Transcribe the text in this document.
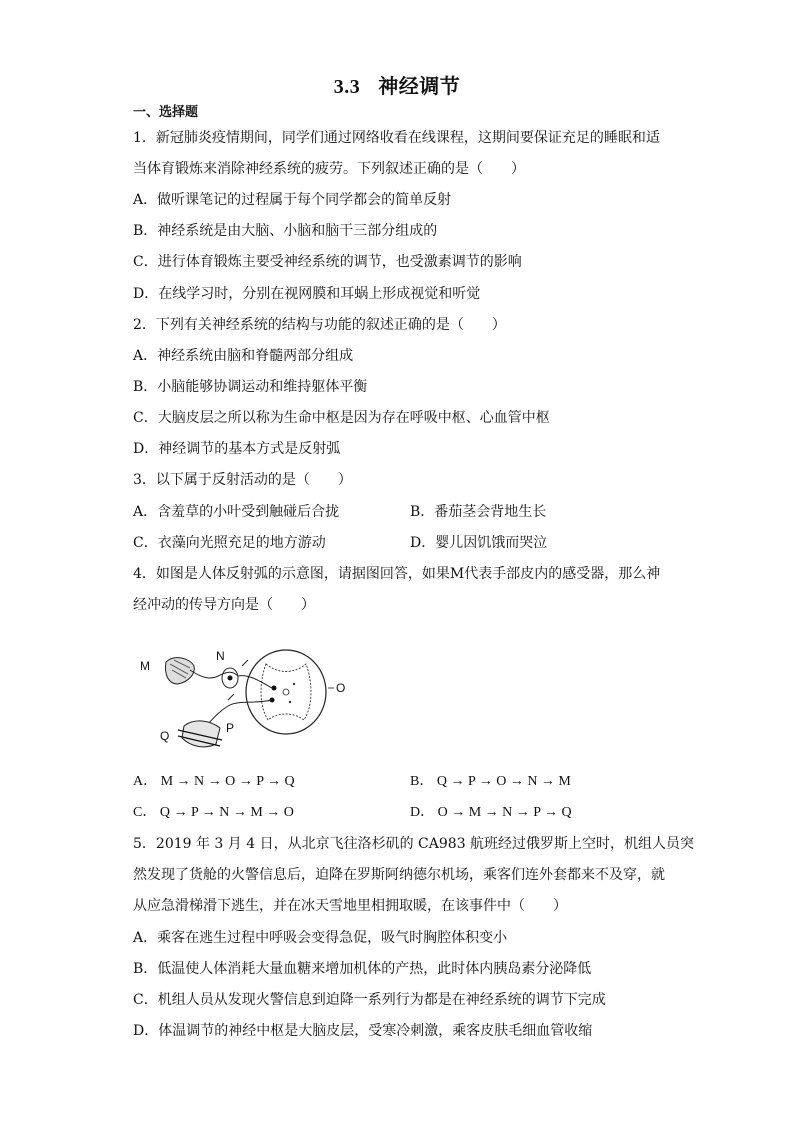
3.3 神经调节
一、选择题
1．新冠肺炎疫情期间，同学们通过网络收看在线课程，这期间要保证充足的睡眠和适
当体育锻炼来消除神经系统的疲劳。下列叙述正确的是（　　）
A．做听课笔记的过程属于每个同学都会的简单反射
B．神经系统是由大脑、小脑和脑干三部分组成的
C．进行体育锻炼主要受神经系统的调节，也受激素调节的影响
D．在线学习时，分别在视网膜和耳蜗上形成视觉和听觉
2．下列有关神经系统的结构与功能的叙述正确的是（　　）
A．神经系统由脑和脊髓两部分组成
B．小脑能够协调运动和维持躯体平衡
C．大脑皮层之所以称为生命中枢是因为存在呼吸中枢、心血管中枢
D．神经调节的基本方式是反射弧
3．以下属于反射活动的是（　　）
A．含羞草的小叶受到触碰后合拢	B．番茄茎会背地生长
C．衣藻向光照充足的地方游动	D．婴儿因饥饿而哭泣
4．如图是人体反射弧的示意图，请据图回答，如果M代表手部皮内的感受器，那么神
经冲动的传导方向是（　　）
M
N
O
P
Q
A． M → N → O → P → Q	B． Q → P → O → N → M
C． Q → P → N → M → O	D． O → M → N → P → Q
5．2019 年 3 月 4 日，从北京飞往洛杉矶的 CA983 航班经过俄罗斯上空时，机组人员突
然发现了货舱的火警信息后，迫降在罗斯阿纳德尔机场，乘客们连外套都来不及穿，就
从应急滑梯滑下逃生，并在冰天雪地里相拥取暖，在该事件中（　　）
A．乘客在逃生过程中呼吸会变得急促，吸气时胸腔体积变小
B．低温使人体消耗大量血糖来增加机体的产热，此时体内胰岛素分泌降低
C．机组人员从发现火警信息到迫降一系列行为都是在神经系统的调节下完成
D．体温调节的神经中枢是大脑皮层，受寒冷刺激，乘客皮肤毛细血管收缩
